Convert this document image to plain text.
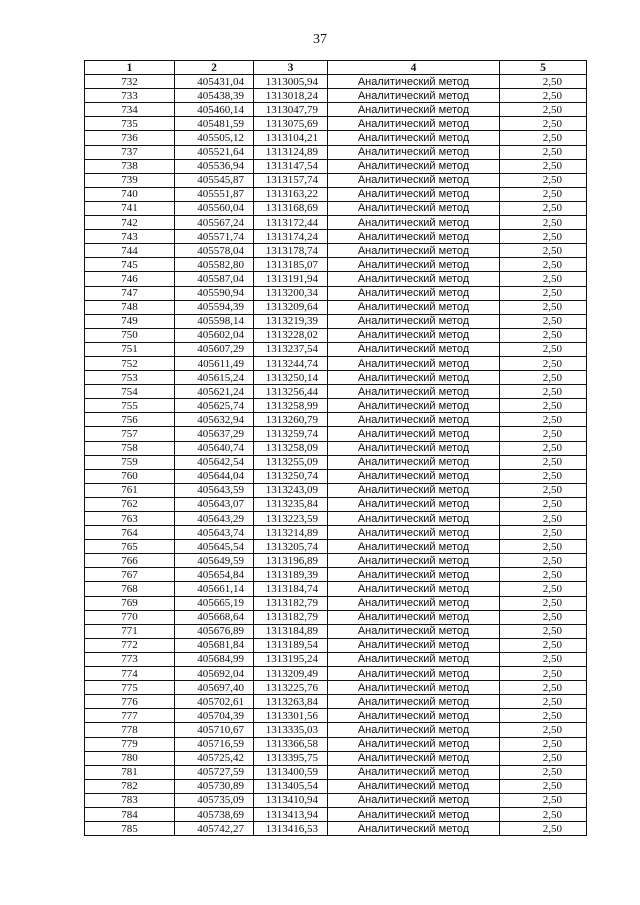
37
1	2	3	4	5
732	405431,04	1313005,94	Аналитический метод	2,50
733	405438,39	1313018,24	Аналитический метод	2,50
734	405460,14	1313047,79	Аналитический метод	2,50
735	405481,59	1313075,69	Аналитический метод	2,50
736	405505,12	1313104,21	Аналитический метод	2,50
737	405521,64	1313124,89	Аналитический метод	2,50
738	405536,94	1313147,54	Аналитический метод	2,50
739	405545,87	1313157,74	Аналитический метод	2,50
740	405551,87	1313163,22	Аналитический метод	2,50
741	405560,04	1313168,69	Аналитический метод	2,50
742	405567,24	1313172,44	Аналитический метод	2,50
743	405571,74	1313174,24	Аналитический метод	2,50
744	405578,04	1313178,74	Аналитический метод	2,50
745	405582,80	1313185,07	Аналитический метод	2,50
746	405587,04	1313191,94	Аналитический метод	2,50
747	405590,94	1313200,34	Аналитический метод	2,50
748	405594,39	1313209,64	Аналитический метод	2,50
749	405598,14	1313219,39	Аналитический метод	2,50
750	405602,04	1313228,02	Аналитический метод	2,50
751	405607,29	1313237,54	Аналитический метод	2,50
752	405611,49	1313244,74	Аналитический метод	2,50
753	405615,24	1313250,14	Аналитический метод	2,50
754	405621,24	1313256,44	Аналитический метод	2,50
755	405625,74	1313258,99	Аналитический метод	2,50
756	405632,94	1313260,79	Аналитический метод	2,50
757	405637,29	1313259,74	Аналитический метод	2,50
758	405640,74	1313258,09	Аналитический метод	2,50
759	405642,54	1313255,09	Аналитический метод	2,50
760	405644,04	1313250,74	Аналитический метод	2,50
761	405643,59	1313243,09	Аналитический метод	2,50
762	405643,07	1313235,84	Аналитический метод	2,50
763	405643,29	1313223,59	Аналитический метод	2,50
764	405643,74	1313214,89	Аналитический метод	2,50
765	405645,54	1313205,74	Аналитический метод	2,50
766	405649,59	1313196,89	Аналитический метод	2,50
767	405654,84	1313189,39	Аналитический метод	2,50
768	405661,14	1313184,74	Аналитический метод	2,50
769	405665,19	1313182,79	Аналитический метод	2,50
770	405668,64	1313182,79	Аналитический метод	2,50
771	405676,89	1313184,89	Аналитический метод	2,50
772	405681,84	1313189,54	Аналитический метод	2,50
773	405684,99	1313195,24	Аналитический метод	2,50
774	405692,04	1313209,49	Аналитический метод	2,50
775	405697,40	1313225,76	Аналитический метод	2,50
776	405702,61	1313263,84	Аналитический метод	2,50
777	405704,39	1313301,56	Аналитический метод	2,50
778	405710,67	1313335,03	Аналитический метод	2,50
779	405716,59	1313366,58	Аналитический метод	2,50
780	405725,42	1313395,75	Аналитический метод	2,50
781	405727,59	1313400,59	Аналитический метод	2,50
782	405730,89	1313405,54	Аналитический метод	2,50
783	405735,09	1313410,94	Аналитический метод	2,50
784	405738,69	1313413,94	Аналитический метод	2,50
785	405742,27	1313416,53	Аналитический метод	2,50
